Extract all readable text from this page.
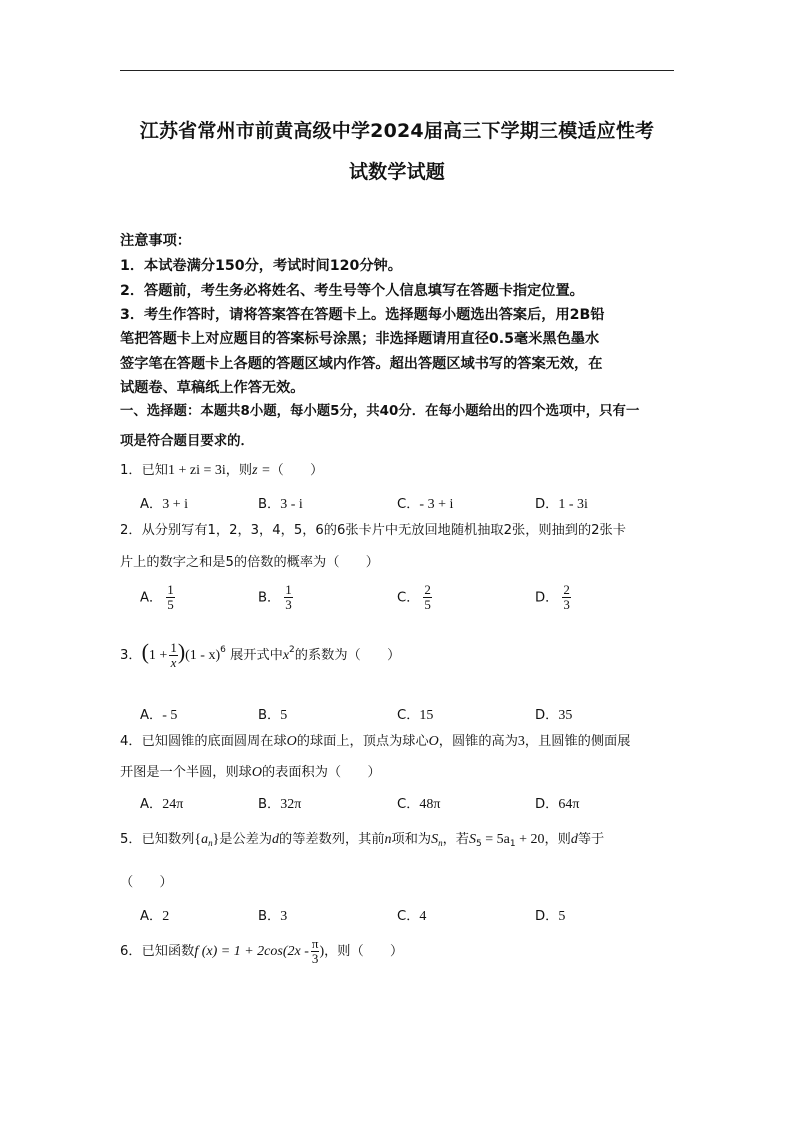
江苏省常州市前黄高级中学2024届高三下学期三模适应性考
试数学试题
注意事项：
1．本试卷满分150分，考试时间120分钟。
2．答题前，考生务必将姓名、考生号等个人信息填写在答题卡指定位置。
3．考生作答时，请将答案答在答题卡上。选择题每小题选出答案后，用2B铅
笔把答题卡上对应题目的答案标号涂黑；非选择题请用直径0.5毫米黑色墨水
签字笔在答题卡上各题的答题区域内作答。超出答题区域书写的答案无效，在
试题卷、草稿纸上作答无效。
一、选择题：本题共8小题，每小题5分，共40分．在每小题给出的四个选项中，只有一
项是符合题目要求的．
1．已知1 + zi = 3i，则z =（　　）
A．3 + i	B．3 - i	C．- 3 + i	D．1 - 3i
2．从分别写有1，2，3，4，5，6的6张卡片中无放回地随机抽取2张，则抽到的2张卡
片上的数字之和是5的倍数的概率为（　　）
A． $\frac{1}{5}$	B． $\frac{1}{3}$	C． $\frac{2}{5}$	D． $\frac{2}{3}$
3．$(1 + \frac{1}{x} )(1 - x)^6$ 展开式中$x^2$的系数为（　　）
A．- 5	B．5	C．15	D．35
4．已知圆锥的底面圆周在球O的球面上，顶点为球心O，圆锥的高为3，且圆锥的侧面展
开图是一个半圆，则球O的表面积为（　　）
A．24π	B．32π	C．48π	D．64π
5．已知数列$\{a_n\}$是公差为d的等差数列，其前n项和为$S_n$，若$S_5 = 5a_1 + 20$，则d等于
（　　）
A．2	B．3	C．4	D．5
6．已知函数f $(x) = 1 + 2\cos(2x - \frac{\pi}{3}$ )，则（　　）
